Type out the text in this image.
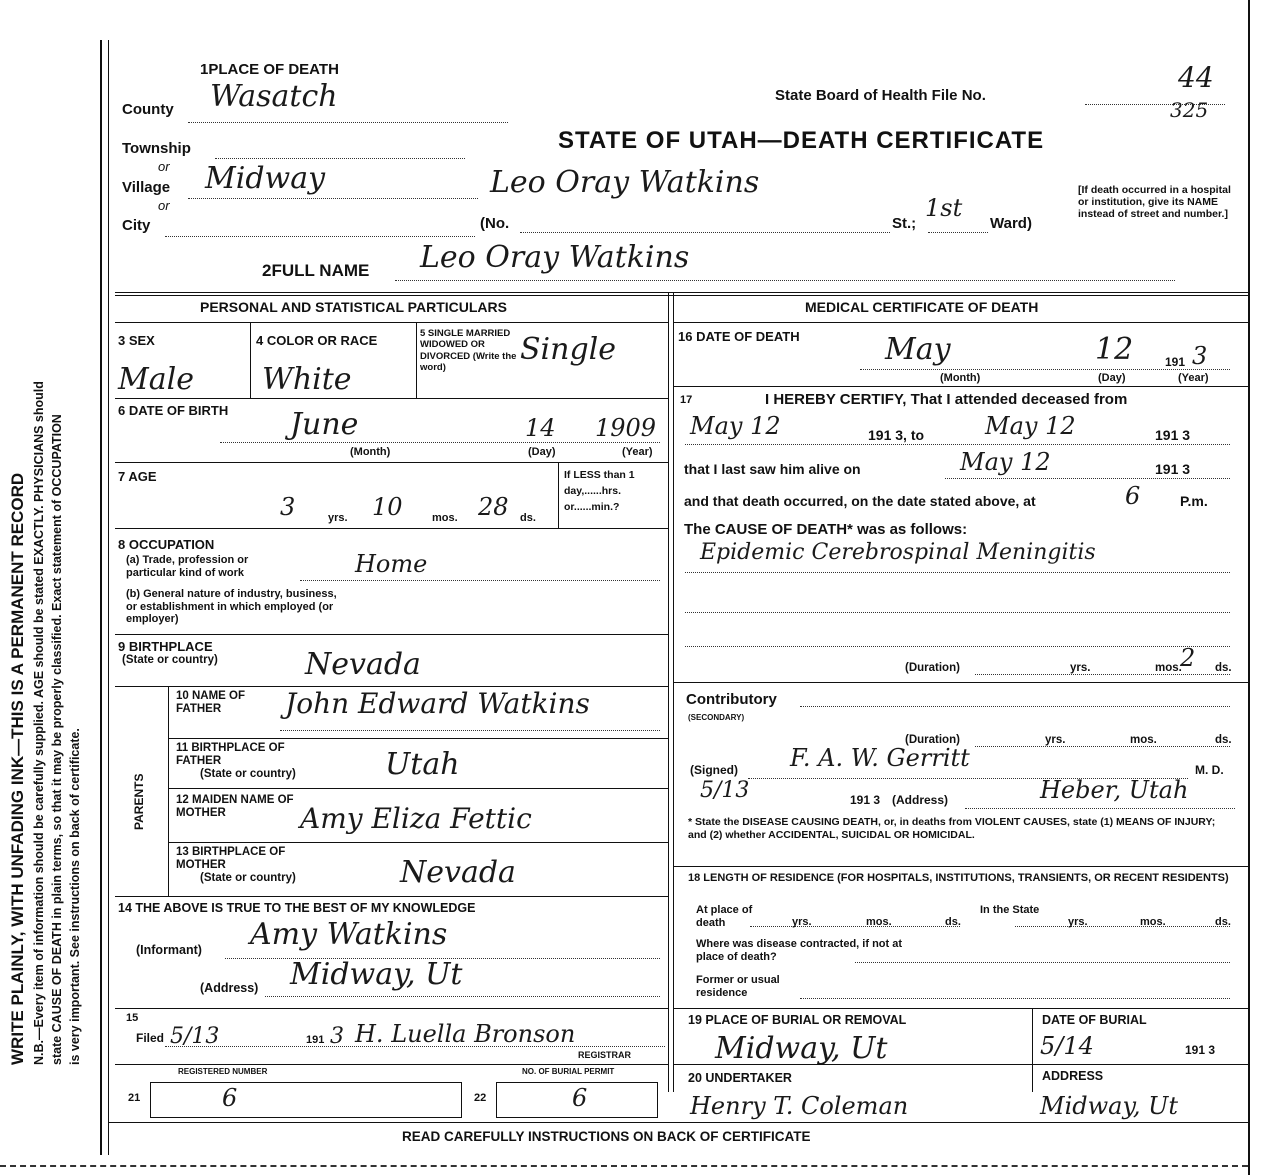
WRITE PLAINLY, WITH UNFADING INK—THIS IS A PERMANENT RECORD N.B.—Every item of information should be carefully supplied. AGE should be stated EXACTLY. PHYSICIANS should state CAUSE OF DEATH in plain terms, so that it may be properly classified. Exact statement of OCCUPATION is very important. See instructions on back of certificate.
1PLACE OF DEATH
County Wasatch
Township
or
Village Midway
or
City	(No.
Leo Oray Watkins
St.;
1st
Ward)
[If death occurred in a hospital or institution, give its NAME instead of street and number.]
State Board of Health File No.
44
325
STATE OF UTAH—DEATH CERTIFICATE
2FULL NAME Leo Oray Watkins
PERSONAL AND STATISTICAL PARTICULARS
3 SEX
Male
4 COLOR OR RACE
White
5 SINGLE MARRIED WIDOWED OR DIVORCED (Write the word)
Single
6 DATE OF BIRTH June	14 1909
(Month)	(Day)	(Year)
7 AGE
3	yrs. 10	mos. 28 ds.
If LESS than 1 day,......hrs. or......min.?
8 OCCUPATION
(a) Trade, profession or particular kind of work	Home
(b) General nature of industry, business, or establishment in which employed (or employer)
9 BIRTHPLACE
(State or country)	Nevada
PARENTS
10 NAME OF FATHER	John Edward Watkins
11 BIRTHPLACE OF FATHER
(State or country)	Utah
12 MAIDEN NAME OF MOTHER	Amy Eliza Fettic
13 BIRTHPLACE OF MOTHER
(State or country)	Nevada
14 THE ABOVE IS TRUE TO THE BEST OF MY KNOWLEDGE
(Informant) Amy Watkins
(Address) Midway, Ut
15
Filed 5/13	191 3 H. Luella Bronson
REGISTRAR
REGISTERED NUMBER
21	6
NO. OF BURIAL PERMIT
22	6
MEDICAL CERTIFICATE OF DEATH
16 DATE OF DEATH	May	12	191 3
(Month)	(Day)	(Year)
17	I HEREBY CERTIFY, That I attended deceased from
May 12	191 3, to	May 12	191 3
that I last saw him alive on	May 12	191 3
and that death occurred, on the date stated above, at	6	P.m.
The CAUSE OF DEATH* was as follows:
Epidemic Cerebrospinal Meningitis
(Duration)	yrs.	mos.
2 ds.
Contributory
(SECONDARY)
(Duration)	yrs.	mos.	ds.
(Signed) F. A. W. Gerritt	M. D.
5/13	191 3 (Address)	Heber, Utah
* State the DISEASE CAUSING DEATH, or, in deaths from VIOLENT CAUSES, state (1) MEANS OF INJURY; and (2) whether ACCIDENTAL, SUICIDAL OR HOMICIDAL.
18 LENGTH OF RESIDENCE (FOR HOSPITALS, INSTITUTIONS, TRANSIENTS, OR RECENT RESIDENTS)
At place of death	yrs.	mos.	ds.
In the State
yrs.	mos.	ds.
Where was disease contracted, if not at place of death?
Former or usual residence
19 PLACE OF BURIAL OR REMOVAL
Midway, Ut
DATE OF BURIAL
5/14	191 3
20 UNDERTAKER	ADDRESS
Henry T. Coleman	Midway, Ut
READ CAREFULLY INSTRUCTIONS ON BACK OF CERTIFICATE
